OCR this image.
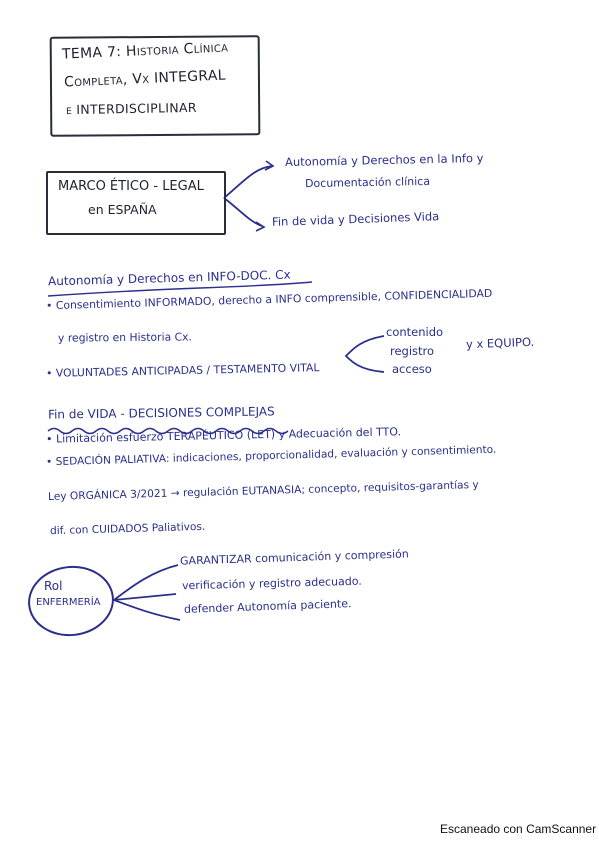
TEMA 7: Historia Clínica
Completa, Vx INTEGRAL
e INTERDISCIPLINAR
MARCO ÉTICO - LEGAL
en ESPAÑA
Autonomía y Derechos en la Info y
Documentación clínica
Fin de vida y Decisiones Vida
Autonomía y Derechos en INFO-DOC. Cx
• Consentimiento INFORMADO, derecho a INFO comprensible, CONFIDENCIALIDAD
y registro en Historia Cx.
• VOLUNTADES ANTICIPADAS / TESTAMENTO VITAL
contenido
registro
acceso
y x EQUIPO.
Fin de VIDA - DECISIONES COMPLEJAS
• Limitación esfuerzo TERAPÉUTICO (LET) y Adecuación del TTO.
• SEDACIÓN PALIATIVA: indicaciones, proporcionalidad, evaluación y consentimiento.
Ley ORGÁNICA 3/2021 → regulación EUTANASIA; concepto, requisitos-garantías y
dif. con CUIDADOS Paliativos.
Rol
ENFERMERÍA
GARANTIZAR comunicación y compresión
verificación y registro adecuado.
defender Autonomía paciente.
Escaneado con CamScanner
